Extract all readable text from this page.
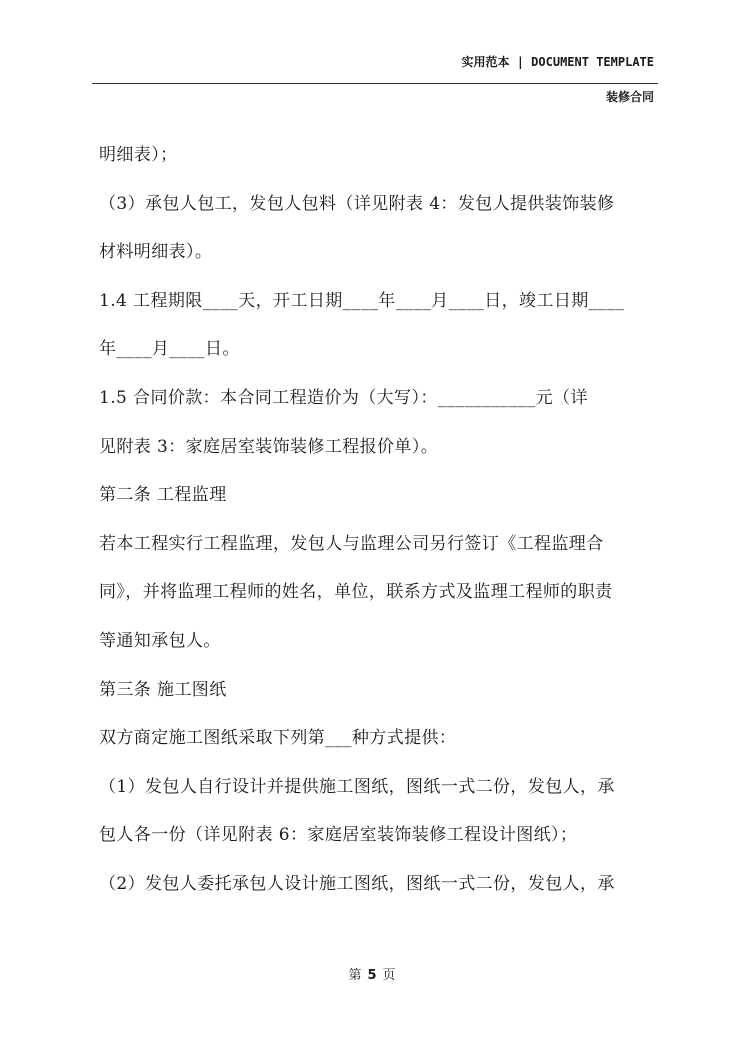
实用范本 | DOCUMENT TEMPLATE
装修合同
明细表）；
（3）承包人包工，发包人包料（详见附表 4：发包人提供装饰装修
材料明细表）。
1.4 工程期限____天，开工日期____年____月____日，竣工日期____
年____月____日。
1.5 合同价款：本合同工程造价为（大写）：___________元（详
见附表 3：家庭居室装饰装修工程报价单）。
第二条 工程监理
若本工程实行工程监理，发包人与监理公司另行签订《工程监理合
同》，并将监理工程师的姓名，单位，联系方式及监理工程师的职责
等通知承包人。
第三条 施工图纸
双方商定施工图纸采取下列第___种方式提供：
（1）发包人自行设计并提供施工图纸，图纸一式二份，发包人，承
包人各一份（详见附表 6：家庭居室装饰装修工程设计图纸）；
（2）发包人委托承包人设计施工图纸，图纸一式二份，发包人，承
第 5 页
